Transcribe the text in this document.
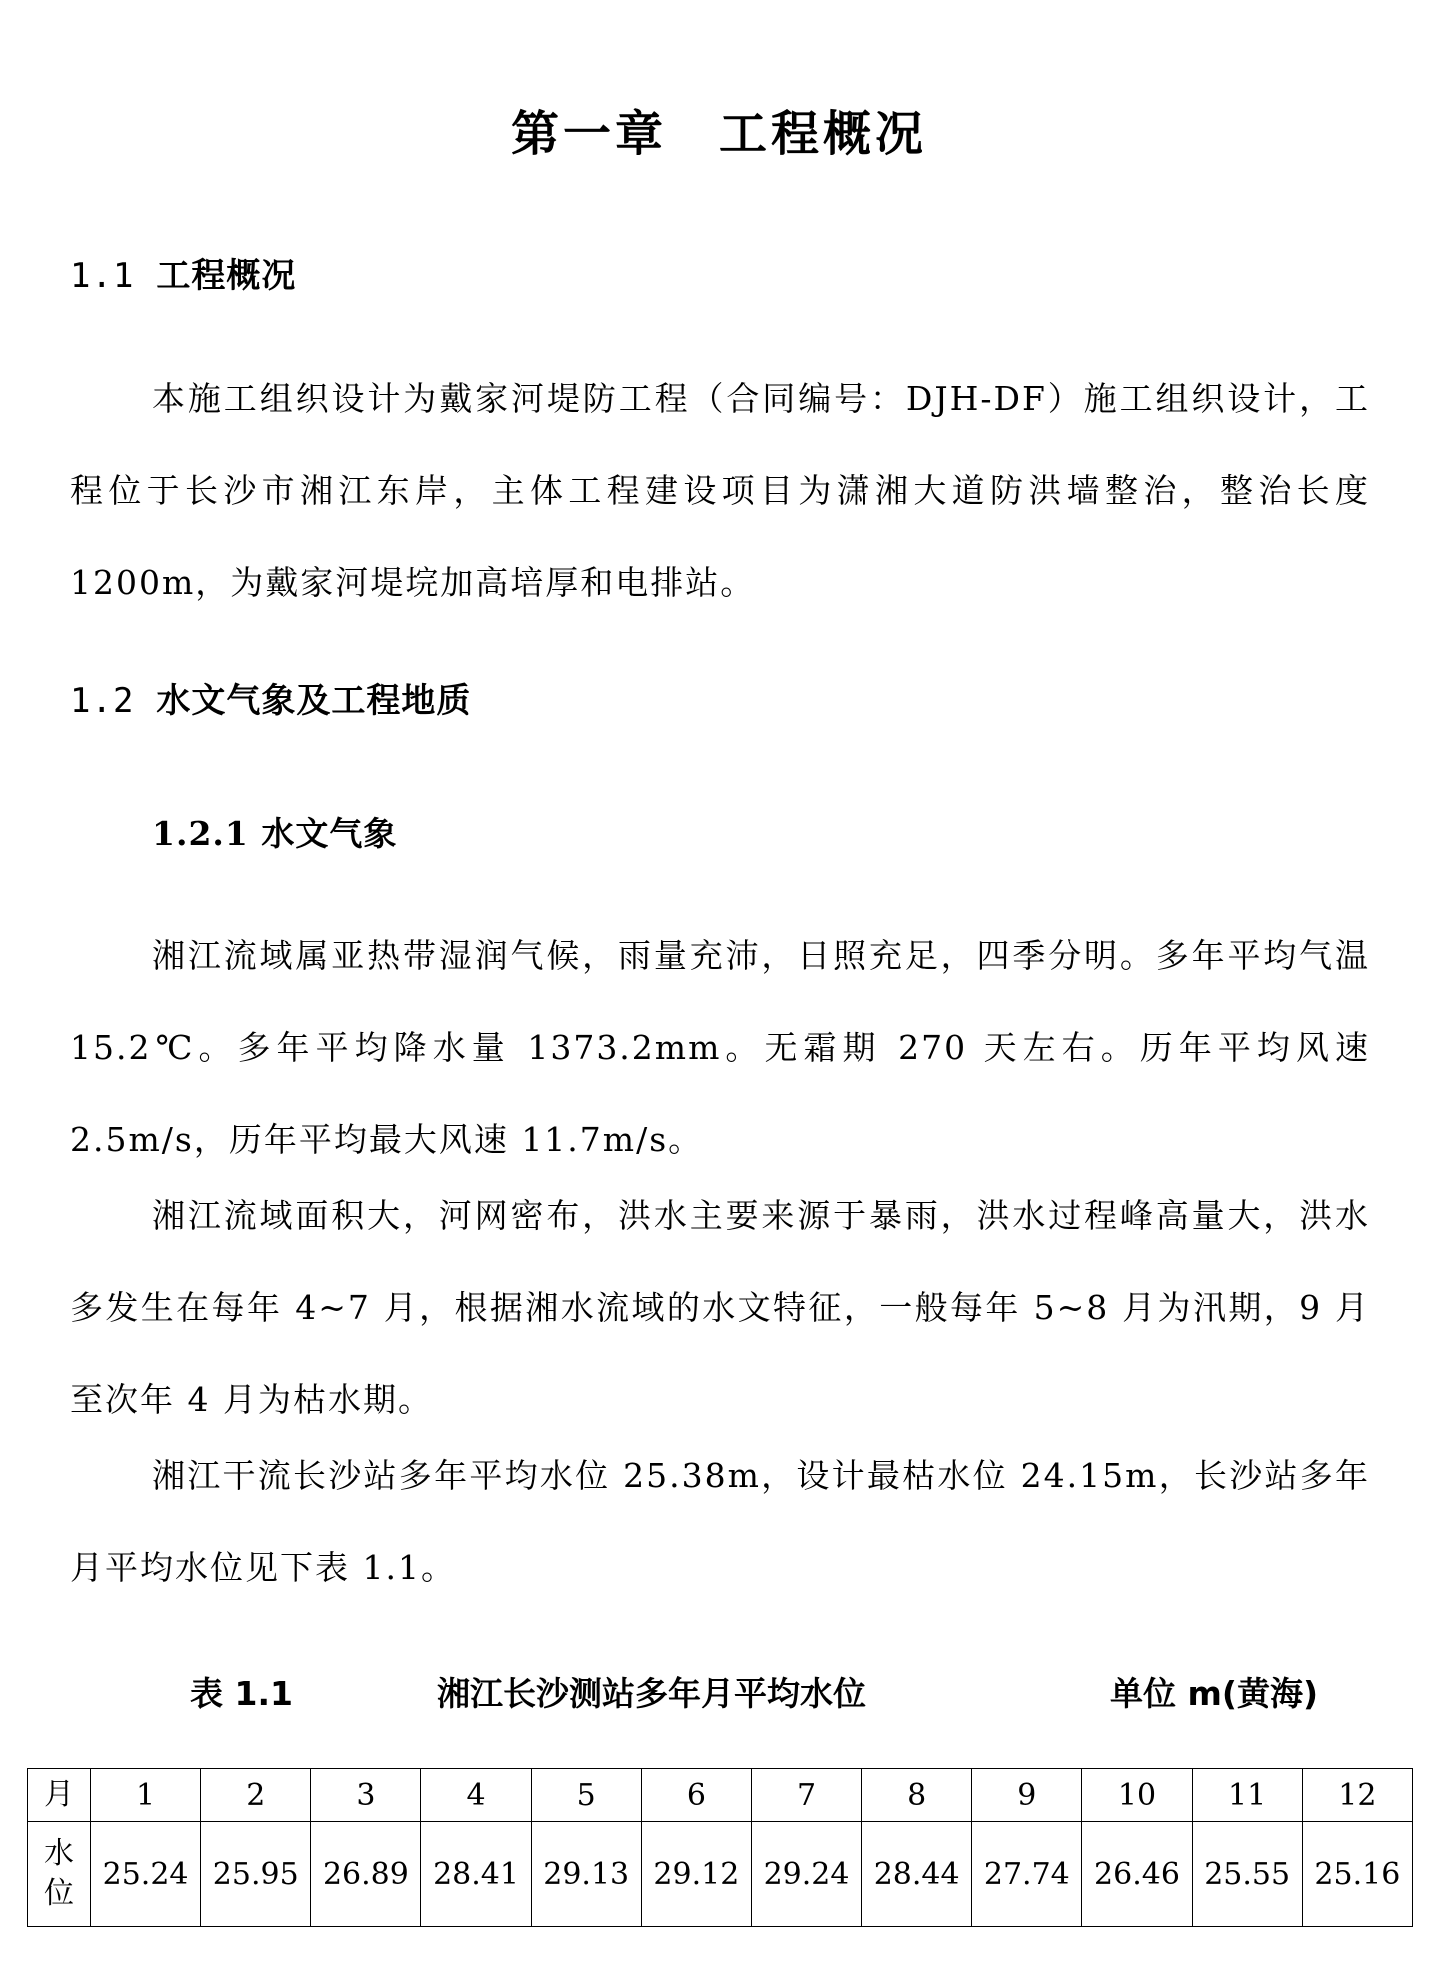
第一章　工程概况
1.1 工程概况

本施工组织设计为戴家河堤防工程（合同编号：DJH-DF）施工组织设计，工程位于长沙市湘江东岸，主体工程建设项目为潇湘大道防洪墙整治，整治长度 1200m，为戴家河堤垸加高培厚和电排站。

1.2 水文气象及工程地质
1.2.1 水文气象

湘江流域属亚热带湿润气候，雨量充沛，日照充足，四季分明。多年平均气温 15.2℃。多年平均降水量 1373.2mm。无霜期 270 天左右。历年平均风速 2.5m/s，历年平均最大风速 11.7m/s。

湘江流域面积大，河网密布，洪水主要来源于暴雨，洪水过程峰高量大，洪水多发生在每年 4~7 月，根据湘水流域的水文特征，一般每年 5~8 月为汛期，9 月至次年 4 月为枯水期。

湘江干流长沙站多年平均水位 25.38m，设计最枯水位 24.15m，长沙站多年月平均水位见下表 1.1。

表 1.1	湘江长沙测站多年月平均水位	单位 m(黄海)
月	1	2	3	4	5	6	7	8	9	10	11	12
水
位	25.24	25.95	26.89	28.41	29.13	29.12	29.24	28.44	27.74	26.46	25.55	25.16
